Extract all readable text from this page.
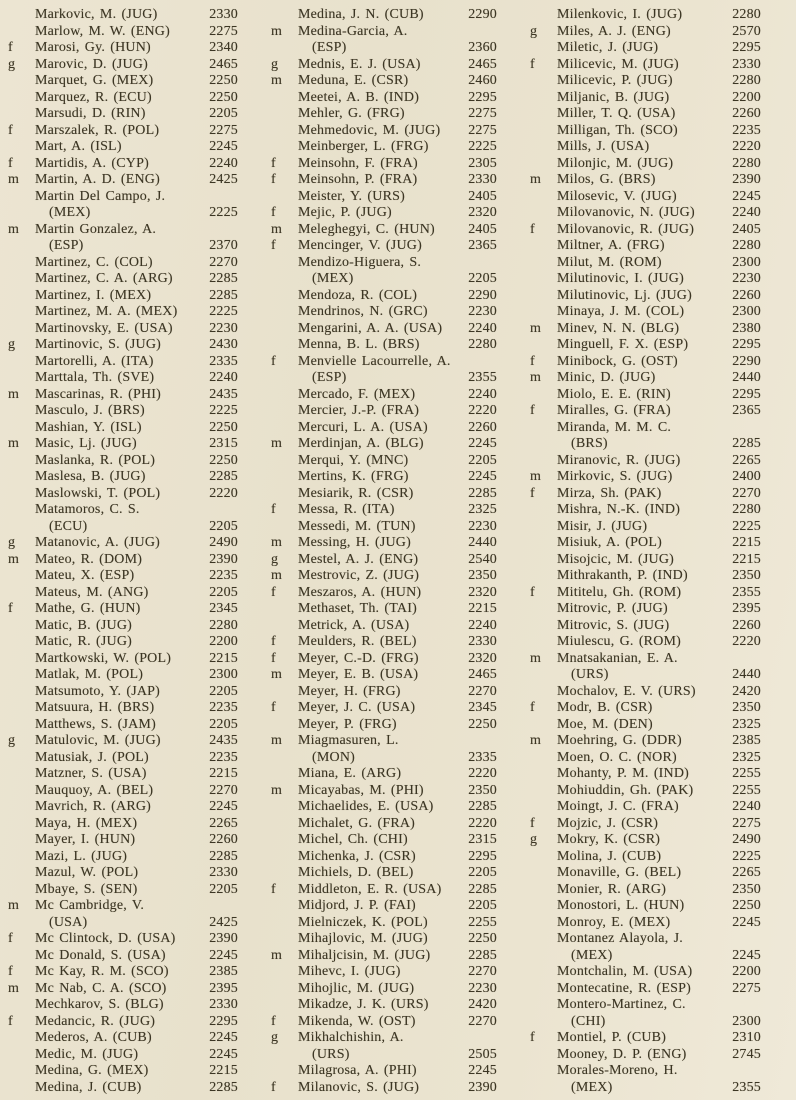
Markovic, M. (JUG)	2330
Marlow, M. W. (ENG)	2275
f	Marosi, Gy. (HUN)	2340
g	Marovic, D. (JUG)	2465
Marquet, G. (MEX)	2250
Marquez, R. (ECU)	2250
Marsudi, D. (RIN)	2205
f	Marszalek, R. (POL)	2275
Mart, A. (ISL)	2245
f	Martidis, A. (CYP)	2240
m	Martin, A. D. (ENG)	2425
Martin Del Campo, J.
(MEX)	2225
m	Martin Gonzalez, A.
(ESP)	2370
Martinez, C. (COL)	2270
Martinez, C. A. (ARG)	2285
Martinez, I. (MEX)	2285
Martinez, M. A. (MEX)	2225
Martinovsky, E. (USA)	2230
g	Martinovic, S. (JUG)	2430
Martorelli, A. (ITA)	2335
Marttala, Th. (SVE)	2240
m	Mascarinas, R. (PHI)	2435
Masculo, J. (BRS)	2225
Mashian, Y. (ISL)	2250
m	Masic, Lj. (JUG)	2315
Maslanka, R. (POL)	2250
Maslesa, B. (JUG)	2285
Maslowski, T. (POL)	2220
Matamoros, C. S.
(ECU)	2205
g	Matanovic, A. (JUG)	2490
m	Mateo, R. (DOM)	2390
Mateu, X. (ESP)	2235
Mateus, M. (ANG)	2205
f	Mathe, G. (HUN)	2345
Matic, B. (JUG)	2280
Matic, R. (JUG)	2200
Martkowski, W. (POL)	2215
Matlak, M. (POL)	2300
Matsumoto, Y. (JAP)	2205
Matsuura, H. (BRS)	2235
Matthews, S. (JAM)	2205
g	Matulovic, M. (JUG)	2435
Matusiak, J. (POL)	2235
Matzner, S. (USA)	2215
Mauquoy, A. (BEL)	2270
Mavrich, R. (ARG)	2245
Maya, H. (MEX)	2265
Mayer, I. (HUN)	2260
Mazi, L. (JUG)	2285
Mazul, W. (POL)	2330
Mbaye, S. (SEN)	2205
m	Mc Cambridge, V.
(USA)	2425
f	Mc Clintock, D. (USA)	2390
Mc Donald, S. (USA)	2245
f	Mc Kay, R. M. (SCO)	2385
m	Mc Nab, C. A. (SCO)	2395
Mechkarov, S. (BLG)	2330
f	Medancic, R. (JUG)	2295
Mederos, A. (CUB)	2245
Medic, M. (JUG)	2245
Medina, G. (MEX)	2215
Medina, J. (CUB)	2285
Medina, J. N. (CUB)	2290
m	Medina-Garcia, A.
(ESP)	2360
g	Mednis, E. J. (USA)	2465
m	Meduna, E. (CSR)	2460
Meetei, A. B. (IND)	2295
Mehler, G. (FRG)	2275
Mehmedovic, M. (JUG)	2275
Meinberger, L. (FRG)	2225
f	Meinsohn, F. (FRA)	2305
f	Meinsohn, P. (FRA)	2330
Meister, Y. (URS)	2405
f	Mejic, P. (JUG)	2320
m	Meleghegyi, C. (HUN)	2405
f	Mencinger, V. (JUG)	2365
Mendizo-Higuera, S.
(MEX)	2205
Mendoza, R. (COL)	2290
Mendrinos, N. (GRC)	2230
Mengarini, A. A. (USA)	2240
Menna, B. L. (BRS)	2280
f	Menvielle Lacourrelle, A.
(ESP)	2355
Mercado, F. (MEX)	2240
Mercier, J.-P. (FRA)	2220
Mercuri, L. A. (USA)	2260
m	Merdinjan, A. (BLG)	2245
Merqui, Y. (MNC)	2205
Mertins, K. (FRG)	2245
Mesiarik, R. (CSR)	2285
f	Messa, R. (ITA)	2325
Messedi, M. (TUN)	2230
m	Messing, H. (JUG)	2440
g	Mestel, A. J. (ENG)	2540
m	Mestrovic, Z. (JUG)	2350
f	Meszaros, A. (HUN)	2320
Methaset, Th. (TAI)	2215
Metrick, A. (USA)	2240
f	Meulders, R. (BEL)	2330
f	Meyer, C.-D. (FRG)	2320
m	Meyer, E. B. (USA)	2465
Meyer, H. (FRG)	2270
f	Meyer, J. C. (USA)	2345
Meyer, P. (FRG)	2250
m	Miagmasuren, L.
(MON)	2335
Miana, E. (ARG)	2220
m	Micayabas, M. (PHI)	2350
Michaelides, E. (USA)	2285
Michalet, G. (FRA)	2220
Michel, Ch. (CHI)	2315
Michenka, J. (CSR)	2295
Michiels, D. (BEL)	2205
f	Middleton, E. R. (USA)	2285
Midjord, J. P. (FAI)	2205
Mielniczek, K. (POL)	2255
Mihajlovic, M. (JUG)	2250
m	Mihaljcisin, M. (JUG)	2285
Mihevc, I. (JUG)	2270
Mihojlic, M. (JUG)	2230
Mikadze, J. K. (URS)	2420
f	Mikenda, W. (OST)	2270
g	Mikhalchishin, A.
(URS)	2505
Milagrosa, A. (PHI)	2245
f	Milanovic, S. (JUG)	2390
Milenkovic, I. (JUG)	2280
g	Miles, A. J. (ENG)	2570
Miletic, J. (JUG)	2295
f	Milicevic, M. (JUG)	2330
Milicevic, P. (JUG)	2280
Miljanic, B. (JUG)	2200
Miller, T. Q. (USA)	2260
Milligan, Th. (SCO)	2235
Mills, J. (USA)	2220
Milonjic, M. (JUG)	2280
m	Milos, G. (BRS)	2390
Milosevic, V. (JUG)	2245
Milovanovic, N. (JUG)	2240
f	Milovanovic, R. (JUG)	2405
Miltner, A. (FRG)	2280
Milut, M. (ROM)	2300
Milutinovic, I. (JUG)	2230
Milutinovic, Lj. (JUG)	2260
Minaya, J. M. (COL)	2300
m	Minev, N. N. (BLG)	2380
Minguell, F. X. (ESP)	2295
f	Minibock, G. (OST)	2290
m	Minic, D. (JUG)	2440
Miolo, E. E. (RIN)	2295
f	Miralles, G. (FRA)	2365
Miranda, M. M. C.
(BRS)	2285
Miranovic, R. (JUG)	2265
m	Mirkovic, S. (JUG)	2400
f	Mirza, Sh. (PAK)	2270
Mishra, N.-K. (IND)	2280
Misir, J. (JUG)	2225
Misiuk, A. (POL)	2215
Misojcic, M. (JUG)	2215
Mithrakanth, P. (IND)	2350
f	Mititelu, Gh. (ROM)	2355
Mitrovic, P. (JUG)	2395
Mitrovic, S. (JUG)	2260
Miulescu, G. (ROM)	2220
m	Mnatsakanian, E. A.
(URS)	2440
Mochalov, E. V. (URS)	2420
f	Modr, B. (CSR)	2350
Moe, M. (DEN)	2325
m	Moehring, G. (DDR)	2385
Moen, O. C. (NOR)	2325
Mohanty, P. M. (IND)	2255
Mohiuddin, Gh. (PAK)	2255
Moingt, J. C. (FRA)	2240
f	Mojzic, J. (CSR)	2275
g	Mokry, K. (CSR)	2490
Molina, J. (CUB)	2225
Monaville, G. (BEL)	2265
Monier, R. (ARG)	2350
Monostori, L. (HUN)	2250
Monroy, E. (MEX)	2245
Montanez Alayola, J.
(MEX)	2245
Montchalin, M. (USA)	2200
Montecatine, R. (ESP)	2275
Montero-Martinez, C.
(CHI)	2300
f	Montiel, P. (CUB)	2310
Mooney, D. P. (ENG)	2745
Morales-Moreno, H.
(MEX)	2355
